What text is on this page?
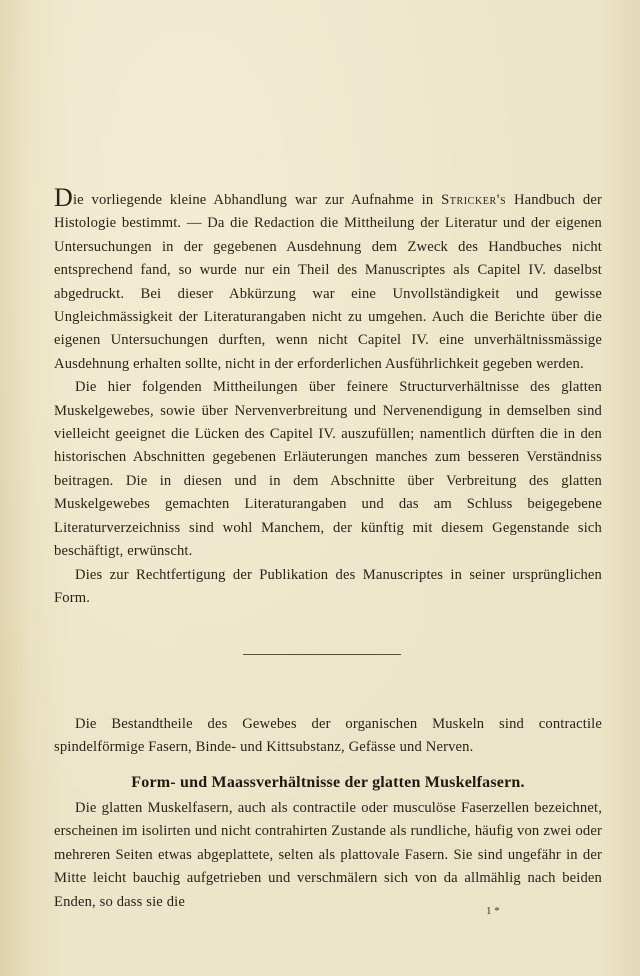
Die vorliegende kleine Abhandlung war zur Aufnahme in Stricker's Handbuch der Histologie bestimmt. — Da die Redaction die Mittheilung der Literatur und der eigenen Untersuchungen in der gegebenen Ausdehnung dem Zweck des Handbuches nicht entsprechend fand, so wurde nur ein Theil des Manuscriptes als Capitel IV. daselbst abgedruckt. Bei dieser Abkürzung war eine Unvollständigkeit und gewisse Ungleichmässigkeit der Literaturangaben nicht zu umgehen. Auch die Berichte über die eigenen Untersuchungen durften, wenn nicht Capitel IV. eine unverhältnissmässige Ausdehnung erhalten sollte, nicht in der erforderlichen Ausführlichkeit gegeben werden.

Die hier folgenden Mittheilungen über feinere Structurverhältnisse des glatten Muskelgewebes, sowie über Nervenverbreitung und Nervenendigung in demselben sind vielleicht geeignet die Lücken des Capitel IV. auszufüllen; namentlich dürften die in den historischen Abschnitten gegebenen Erläuterungen manches zum besseren Verständniss beitragen. Die in diesen und in dem Abschnitte über Verbreitung des glatten Muskelgewebes gemachten Literaturangaben und das am Schluss beigegebene Literaturverzeichniss sind wohl Manchem, der künftig mit diesem Gegenstande sich beschäftigt, erwünscht.

Dies zur Rechtfertigung der Publikation des Manuscriptes in seiner ursprünglichen Form.

Die Bestandtheile des Gewebes der organischen Muskeln sind contractile spindelförmige Fasern, Binde- und Kittsubstanz, Gefässe und Nerven.

Form- und Maassverhältnisse der glatten Muskelfasern.

Die glatten Muskelfasern, auch als contractile oder musculöse Faserzellen bezeichnet, erscheinen im isolirten und nicht contrahirten Zustande als rundliche, häufig von zwei oder mehreren Seiten etwas abgeplattete, selten als plattovale Fasern. Sie sind ungefähr in der Mitte leicht bauchig aufgetrieben und verschmälern sich von da allmählig nach beiden Enden, so dass sie die

1 *
